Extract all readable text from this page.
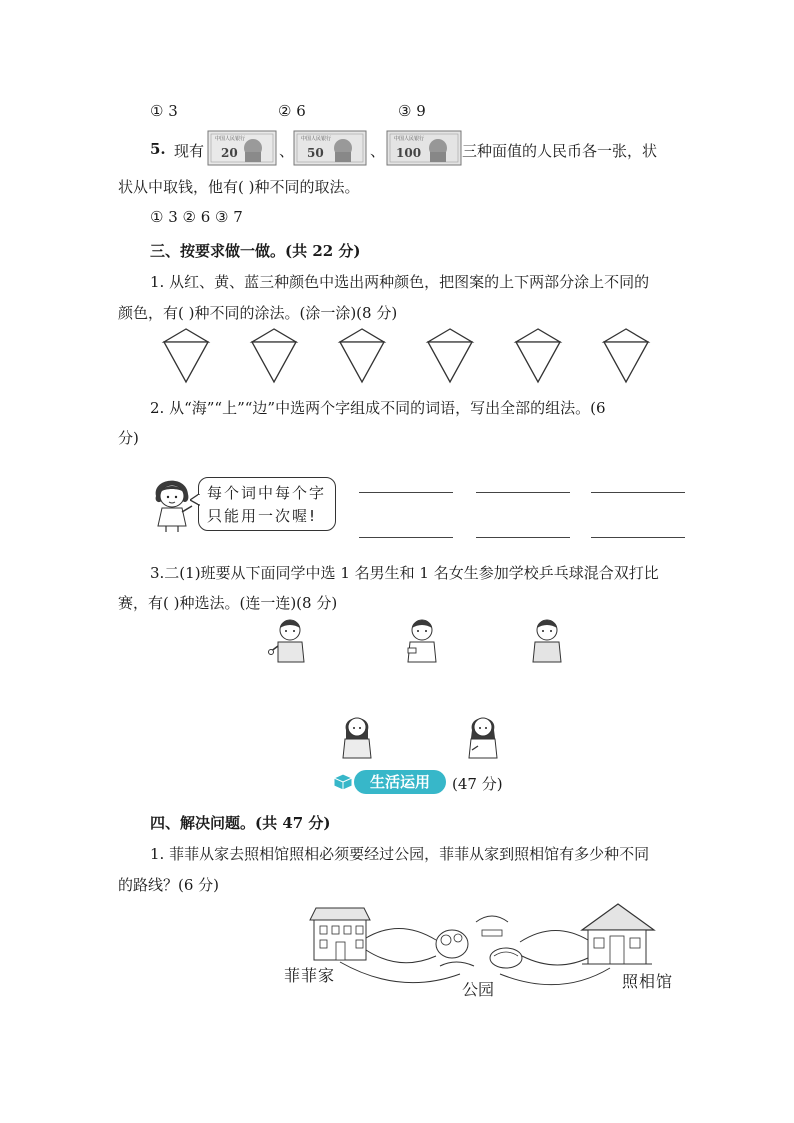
① 3	② 6	③ 9
5. 现有
中国人民银行
20	、
中国人民银行
50	、
中国人民银行
100	三种面值的人民币各一张，状
状从中取钱，他有( )种不同的取法。
① 3 ② 6 ③ 7
三、按要求做一做。(共 22 分)
1. 从红、黄、蓝三种颜色中选出两种颜色，把图案的上下两部分涂上不同的
颜色，有( )种不同的涂法。(涂一涂)(8 分)
2. 从“海”“上”“边”中选两个字组成不同的词语，写出全部的组法。(6
分)
每个词中每个字
只能用一次喔!
3.二(1)班要从下面同学中选 1 名男生和 1 名女生参加学校乒乓球混合双打比
赛，有( )种选法。(连一连)(8 分)
生活运用	(47 分)
四、解决问题。(共 47 分)
1. 菲菲从家去照相馆照相必须要经过公园，菲菲从家到照相馆有多少种不同
的路线？(6 分)
菲菲家
公园	照相馆
